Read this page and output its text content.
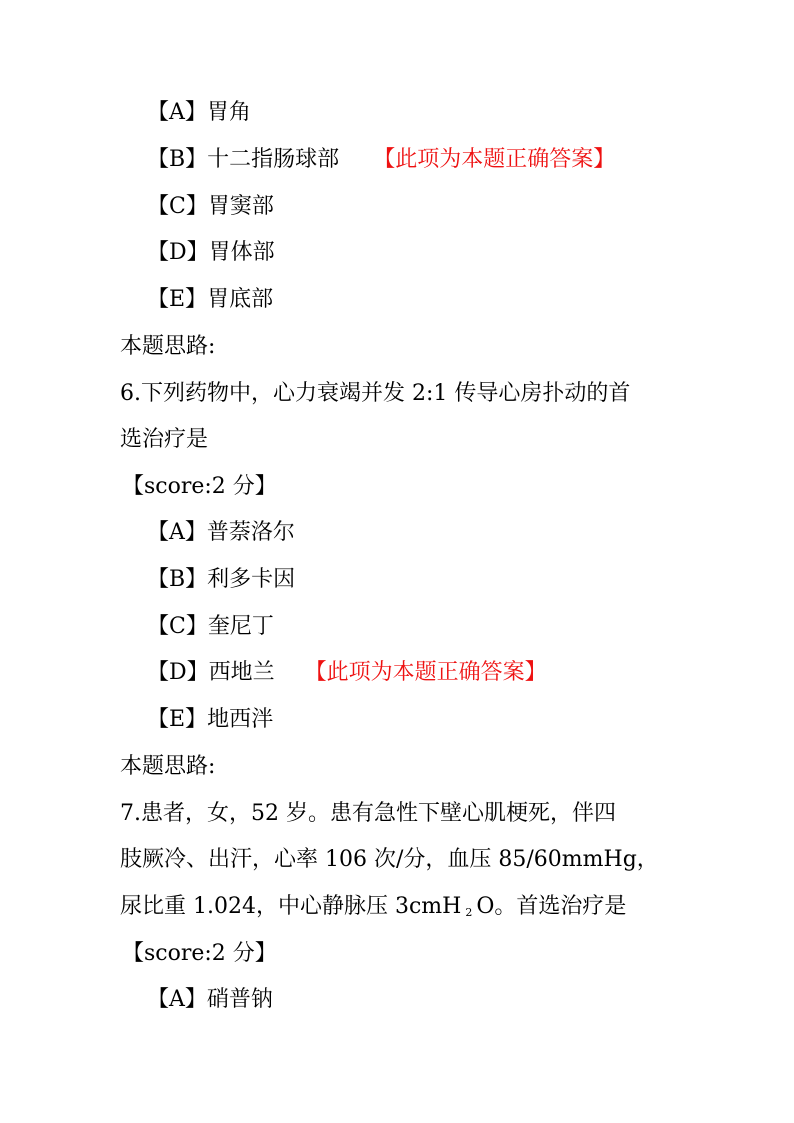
【A】胃角
【B】十二指肠球部 【此项为本题正确答案】
【C】胃窦部
【D】胃体部
【E】胃底部
本题思路:
6.下列药物中，心力衰竭并发 2:1 传导心房扑动的首
选治疗是
【score:2 分】
【A】普萘洛尔
【B】利多卡因
【C】奎尼丁
【D】西地兰 【此项为本题正确答案】
【E】地西泮
本题思路:
7.患者，女，52 岁。患有急性下壁心肌梗死，伴四
肢厥冷、出汗，心率 106 次/分，血压 85/60mmHg，
尿比重 1.024，中心静脉压 3cmH $_2$ O。首选治疗是
【score:2 分】
【A】硝普钠
